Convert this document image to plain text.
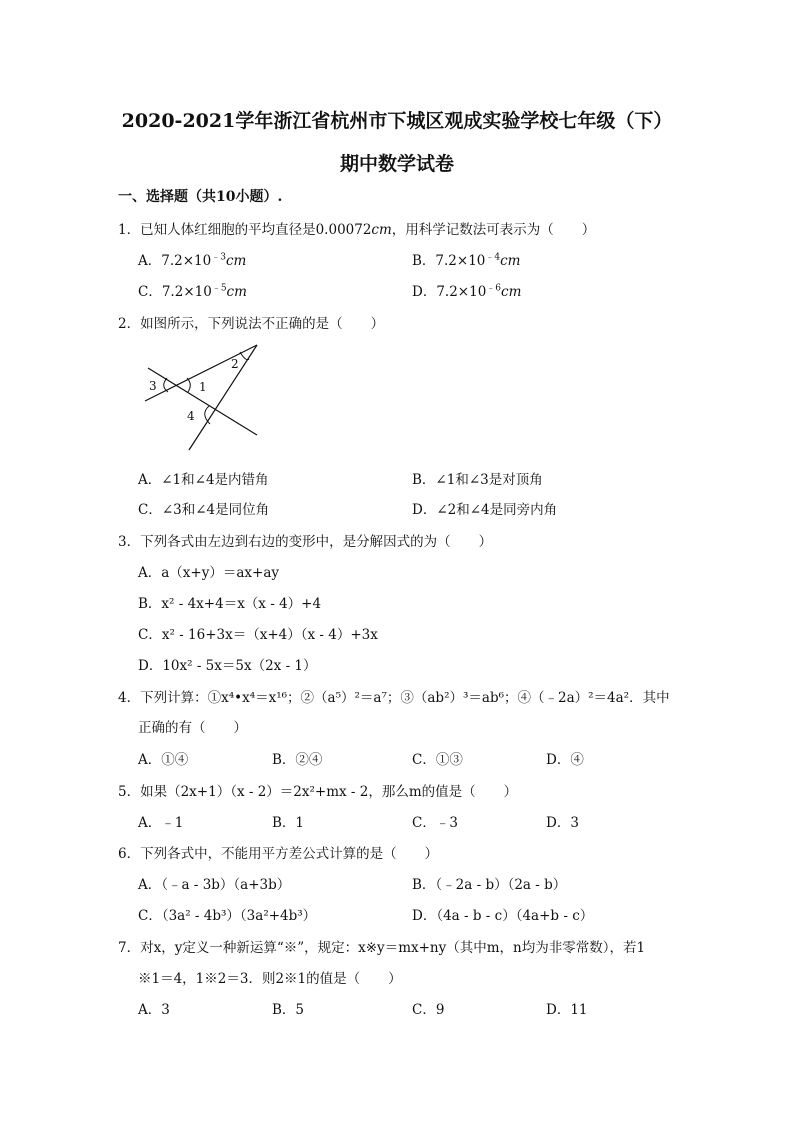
2020-2021学年浙江省杭州市下城区观成实验学校七年级（下）
期中数学试卷
一、选择题（共10小题）.
1．已知人体红细胞的平均直径是0.00072cm，用科学记数法可表示为（ ）
A．$7.2\times 10^{﹣3}cm$	B．$7.2\times 10^{﹣4}cm$
C．$7.2\times 10^{﹣5}cm$	D．$7.2\times 10^{﹣6}cm$
2．如图所示，下列说法不正确的是（ ）
1
2
3
4
A．∠1和∠4是内错角	B．∠1和∠3是对顶角
C．∠3和∠4是同位角	D．∠2和∠4是同旁内角
3．下列各式由左边到右边的变形中，是分解因式的为（ ）
A．a（x+y）＝ax+ay
B．x² - 4x+4＝x（x - 4）+4
C．x² - 16+3x＝（x+4）（x - 4）+3x
D．10x² - 5x＝5x（2x - 1）
4．下列计算：①x⁴•x⁴＝x¹⁶；②（a⁵）²＝a⁷；③（ab²）³＝ab⁶；④（﹣2a）²＝4a²．其中
正确的有（ ）
A．①④	B．②④	C．①③	D．④
5．如果（2x+1）（x - 2）＝2x²+mx - 2，那么m的值是（ ）
A．﹣1	B．1	C．﹣3	D．3
6．下列各式中，不能用平方差公式计算的是（ ）
A．（﹣a - 3b）（a+3b）	B．（﹣2a - b）（2a - b）
C．（3a² - 4b³）（3a²+4b³）	D．（4a - b - c）（4a+b - c）
7．对x，y定义一种新运算“※”，规定：x※y＝mx+ny（其中m，n均为非零常数），若1
※1＝4，1※2＝3．则2※1的值是（ ）
A．3	B．5	C．9	D．11
